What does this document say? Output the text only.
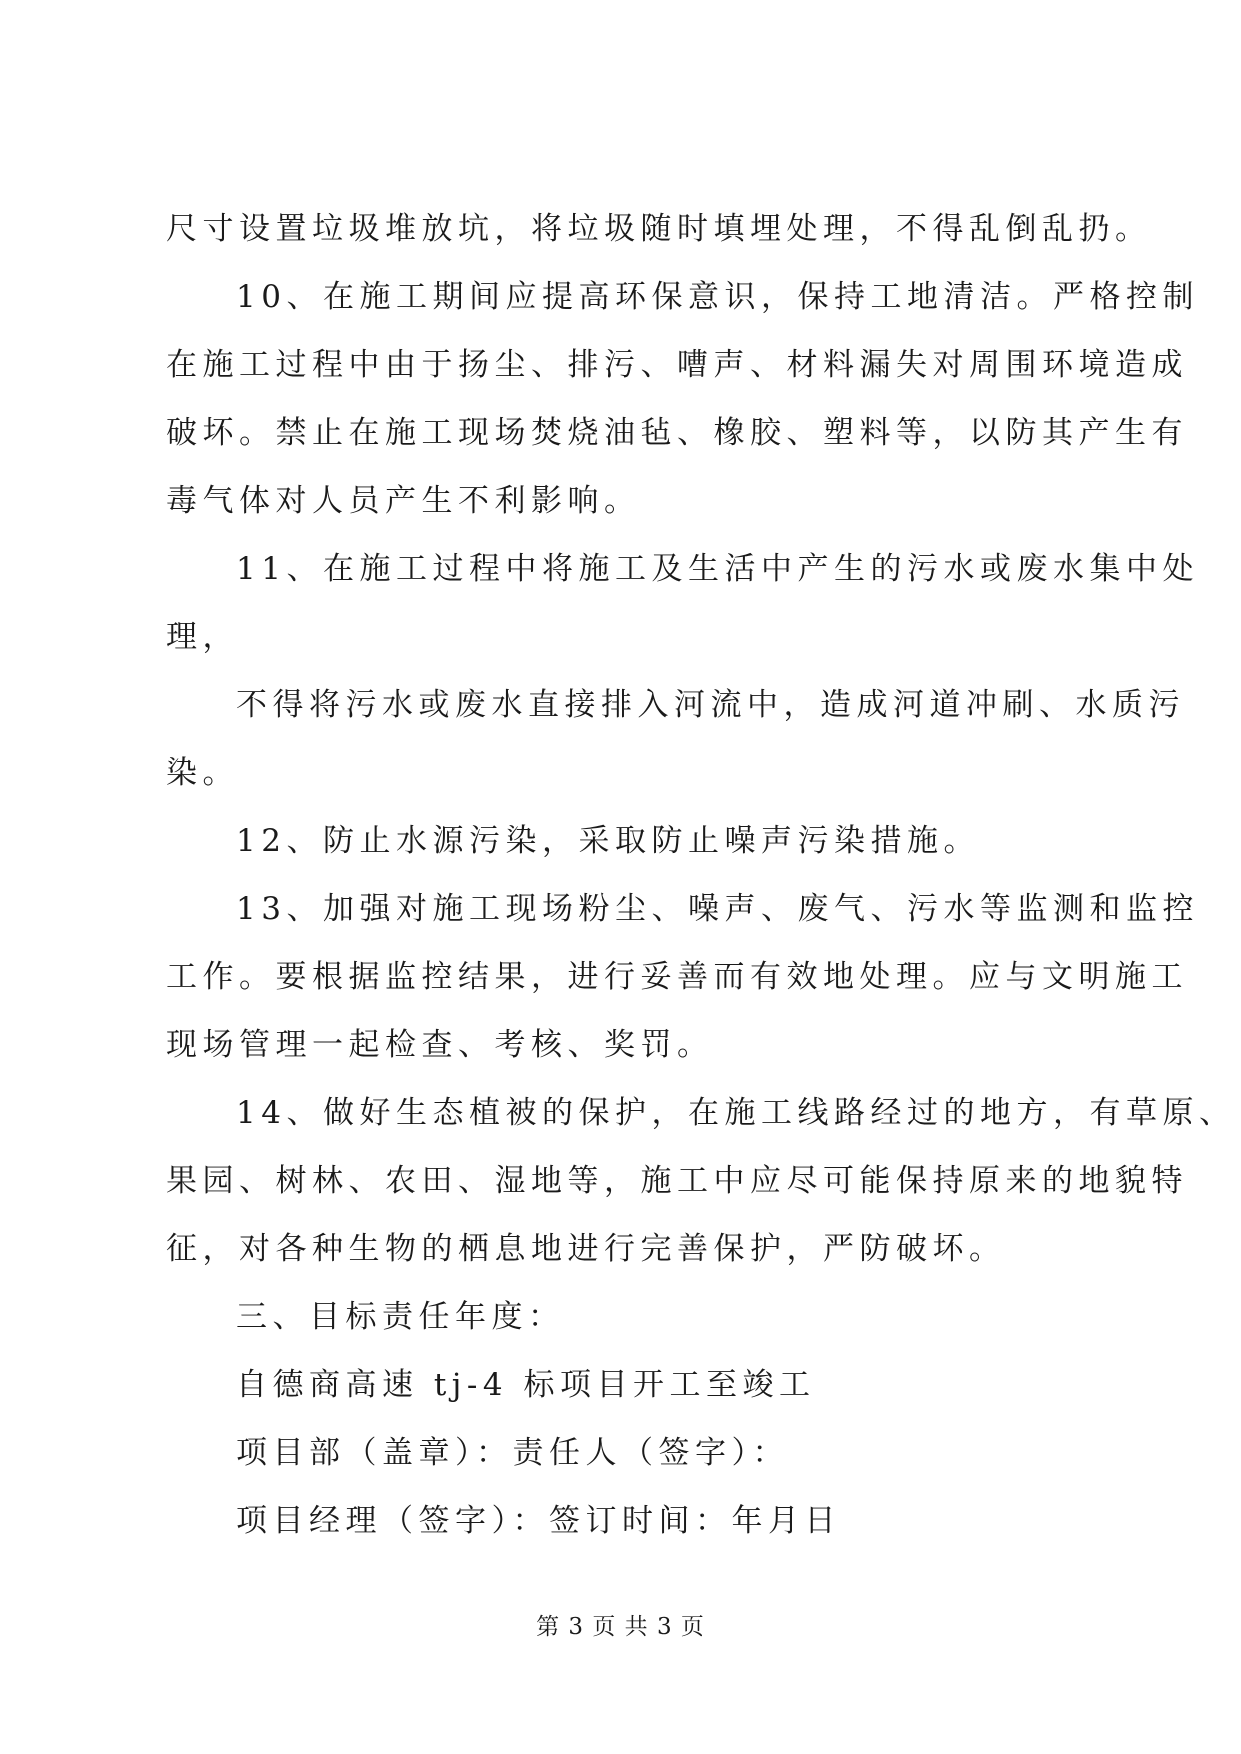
尺寸设置垃圾堆放坑，将垃圾随时填埋处理，不得乱倒乱扔。
10、在施工期间应提高环保意识，保持工地清洁。严格控制
在施工过程中由于扬尘、排污、嘈声、材料漏失对周围环境造成
破坏。禁止在施工现场焚烧油毡、橡胶、塑料等，以防其产生有
毒气体对人员产生不利影响。
11、在施工过程中将施工及生活中产生的污水或废水集中处
理，
不得将污水或废水直接排入河流中，造成河道冲刷、水质污
染。
12、防止水源污染，采取防止噪声污染措施。
13、加强对施工现场粉尘、噪声、废气、污水等监测和监控
工作。要根据监控结果，进行妥善而有效地处理。应与文明施工
现场管理一起检查、考核、奖罚。
14、做好生态植被的保护，在施工线路经过的地方，有草原、
果园、树林、农田、湿地等，施工中应尽可能保持原来的地貌特
征，对各种生物的栖息地进行完善保护，严防破坏。
三、目标责任年度：
自德商高速 tj-4 标项目开工至竣工
项目部（盖章）：责任人（签字）：
项目经理（签字）：签订时间：年月日
第 3 页 共 3 页
